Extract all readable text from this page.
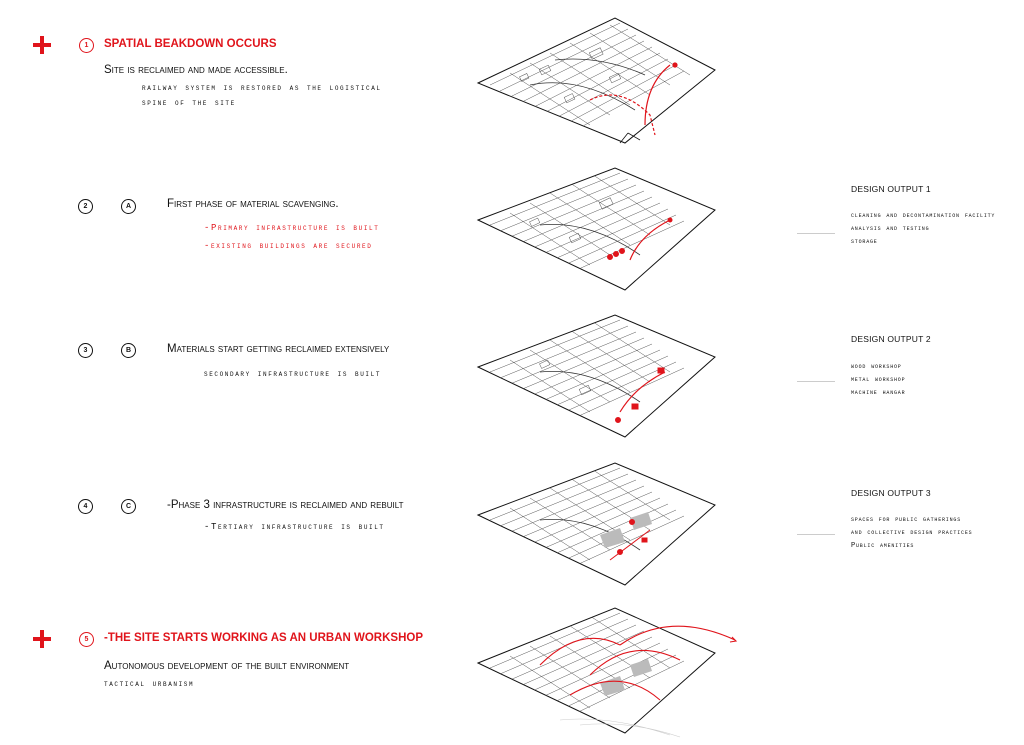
1	SPATIAL BEAKDOWN OCCURS
Site is reclaimed and made accessible.
railway system is restored as the logistical
spine of the site
2	A	First phase of material scavenging.
-Primary infrastructure is built
-existing buildings are secured
3	B	Materials start getting reclaimed extensively
secondary infrastructure is built
4	C	-Phase 3 infrastructure is reclaimed and rebuilt
-Tertiary infrastructure is built
5	-THE SITE STARTS WORKING AS AN URBAN WORKSHOP
Autonomous development of the built environment
tactical urbanism
DESIGN OUTPUT 1
cleaning and decontamination facility
analysis and testing
storage
DESIGN OUTPUT 2
wood workshop
metal workshop
machine hangar
DESIGN OUTPUT 3
spaces for public gatherings
and collective design practices
Public amenities
